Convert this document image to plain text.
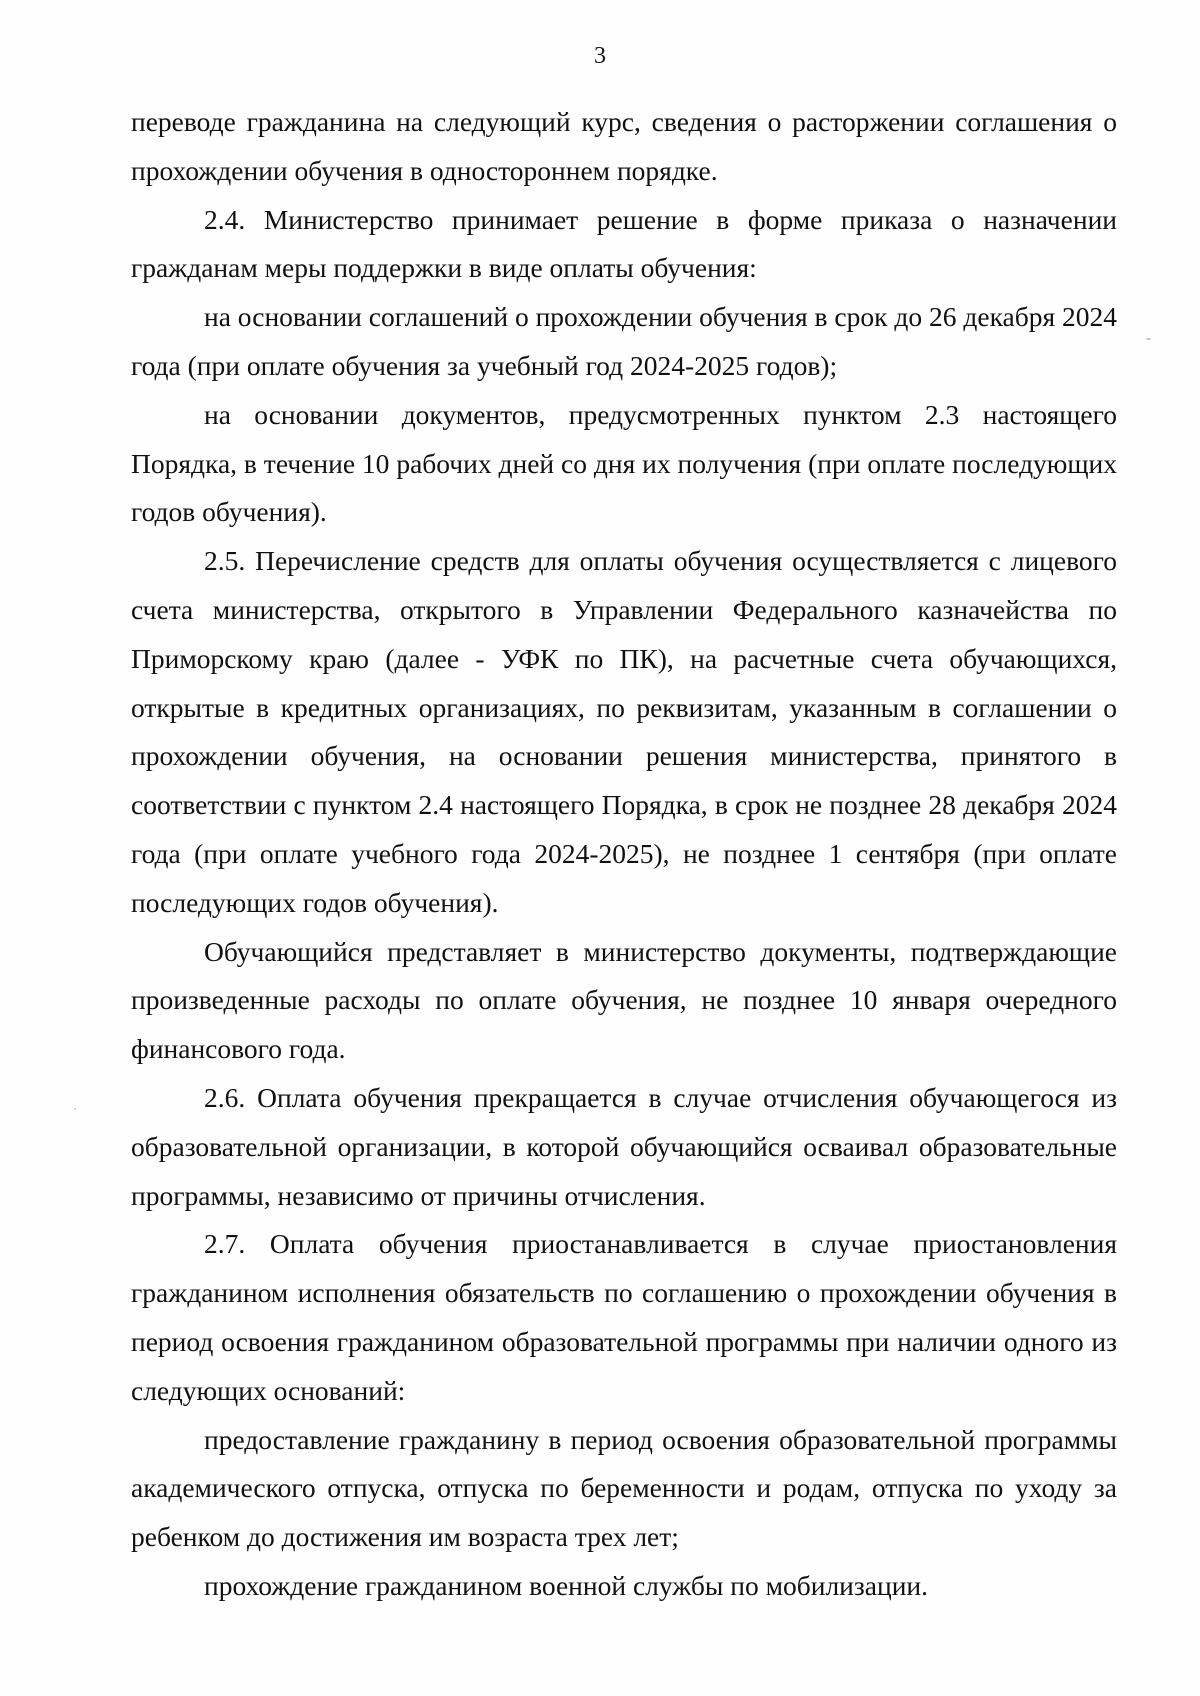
3

переводе гражданина на следующий курс, сведения о расторжении соглашения о прохождении обучения в одностороннем порядке.

2.4. Министерство принимает решение в форме приказа о назначении гражданам меры поддержки в виде оплаты обучения:

на основании соглашений о прохождении обучения в срок до 26 декабря 2024 года (при оплате обучения за учебный год 2024-2025 годов);

на основании документов, предусмотренных пунктом 2.3 настоящего Порядка, в течение 10 рабочих дней со дня их получения (при оплате последующих годов обучения).

2.5. Перечисление средств для оплаты обучения осуществляется с лицевого счета министерства, открытого в Управлении Федерального казначейства по Приморскому краю (далее - УФК по ПК), на расчетные счета обучающихся, открытые в кредитных организациях, по реквизитам, указанным в соглашении о прохождении обучения, на основании решения министерства, принятого в соответствии с пунктом 2.4 настоящего Порядка, в срок не позднее 28 декабря 2024 года (при оплате учебного года 2024-2025), не позднее 1 сентября (при оплате последующих годов обучения).

Обучающийся представляет в министерство документы, подтверждающие произведенные расходы по оплате обучения, не позднее 10 января очередного финансового года.

2.6. Оплата обучения прекращается в случае отчисления обучающегося из образовательной организации, в которой обучающийся осваивал образовательные программы, независимо от причины отчисления.

2.7. Оплата обучения приостанавливается в случае приостановления гражданином исполнения обязательств по соглашению о прохождении обучения в период освоения гражданином образовательной программы при наличии одного из следующих оснований:

предоставление гражданину в период освоения образовательной программы академического отпуска, отпуска по беременности и родам, отпуска по уходу за ребенком до достижения им возраста трех лет;

прохождение гражданином военной службы по мобилизации.
